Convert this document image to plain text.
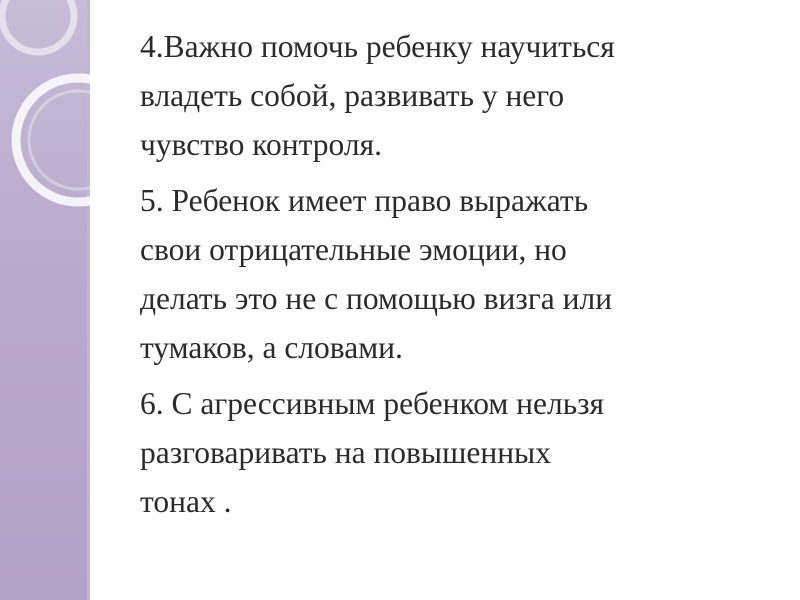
4.Важно помочь ребенку научиться
владеть собой, развивать у него
чувство контроля.

5. Ребенок имеет право выражать
свои отрицательные эмоции, но
делать это не с помощью визга или
тумаков, а словами.

6. С агрессивным ребенком нельзя
разговаривать на повышенных
тонах .
